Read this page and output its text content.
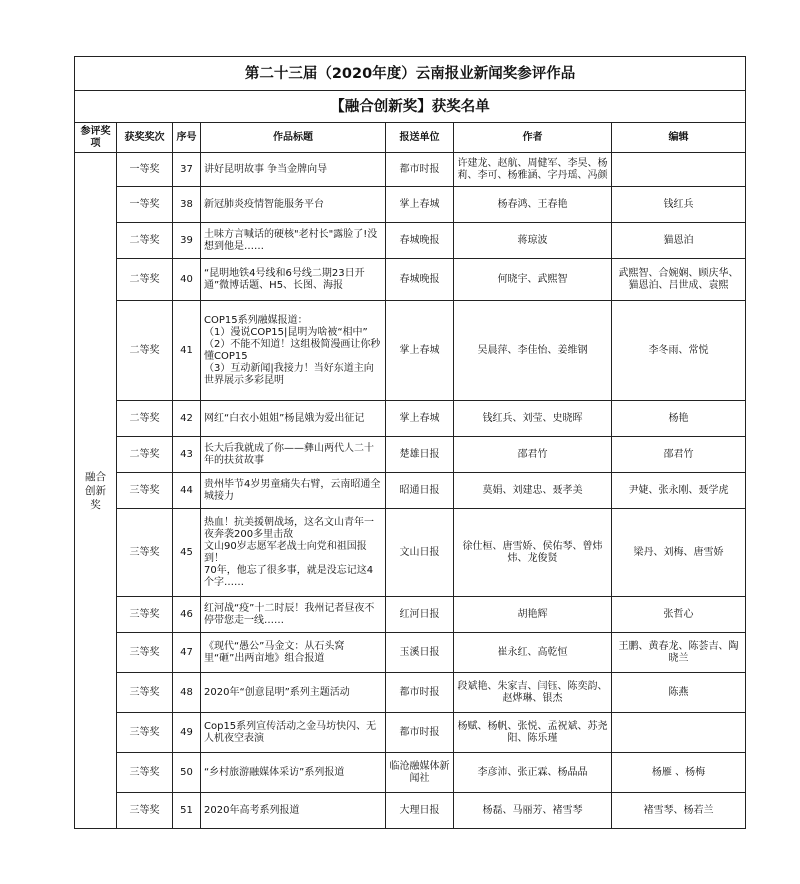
第二十三届（2020年度）云南报业新闻奖参评作品						
【融合创新奖】获奖名单						
参评奖项	获奖奖次	序号	作品标题	报送单位	作者	编辑
融合创新奖	一等奖	37	讲好昆明故事 争当金牌向导	都市时报	许建龙、赵航、周健军、李昊、杨莉、李可、杨雅涵、字丹瑶、冯颜	
	一等奖	38	新冠肺炎疫情智能服务平台	掌上春城	杨春鸿、王春艳	钱红兵
	二等奖	39	土味方言喊话的硬核"老村长"露脸了!没想到他是……	春城晚报	蒋琼波	猫恩泊
	二等奖	40	“昆明地铁4号线和6号线二期23日开通”微博话题、H5、长图、海报	春城晚报	何晓宇、武熙智	武熙智、合婉娴、顾庆华、猫恩泊、吕世成、袁熙
	二等奖	41	COP15系列融媒报道：
（1）漫说COP15|昆明为啥被“相中”
（2）不能不知道！这组极简漫画让你秒懂COP15
（3）互动新闻|我接力！当好东道主向世界展示多彩昆明	掌上春城	吴晨萍、李佳怡、姜维钢	李冬雨、常悦
	二等奖	42	网红“白衣小姐姐”杨昆娥为爱出征记	掌上春城	钱红兵、刘莹、史晓晖	杨艳
	二等奖	43	长大后我就成了你——彝山两代人二十年的扶贫故事	楚雄日报	邵君竹	邵君竹
	三等奖	44	贵州毕节4岁男童痛失右臂，云南昭通全城接力	昭通日报	莫娟、刘建忠、聂孝美	尹婕、张永刚、聂学虎
	三等奖	45	热血！抗美援朝战场，这名文山青年一夜奔袭200多里击敌
文山90岁志愿军老战士向党和祖国报到！
70年，他忘了很多事，就是没忘记这4个字……	文山日报	徐仕桓、唐雪娇、侯佑琴、曾炜炜、龙俊贤	梁丹、刘梅、唐雪娇
	三等奖	46	红河战“疫”十二时辰！我州记者昼夜不停带您走一线……	红河日报	胡艳辉	张哲心
	三等奖	47	《现代“愚公”马金文：从石头窝里“砸”出两亩地》组合报道	玉溪日报	崔永红、高乾恒	王鹏、黄春龙、陈荟吉、陶晓兰
	三等奖	48	2020年“创意昆明”系列主题活动	都市时报	段斌艳、朱家吉、闫钰、陈奕韵、赵烨琳、银杰	陈燕
	三等奖	49	Cop15系列宣传活动之金马坊快闪、无人机夜空表演	都市时报	杨赋、杨帆、张悦、孟祝斌、苏尧阳、陈乐瑾	
	三等奖	50	“乡村旅游融媒体采访”系列报道	临沧融媒体新闻社	李彦沛、张正霖、杨晶晶	杨雁 、杨梅
	三等奖	51	2020年高考系列报道	大理日报	杨磊、马丽芳、褚雪琴	褚雪琴、杨若兰
